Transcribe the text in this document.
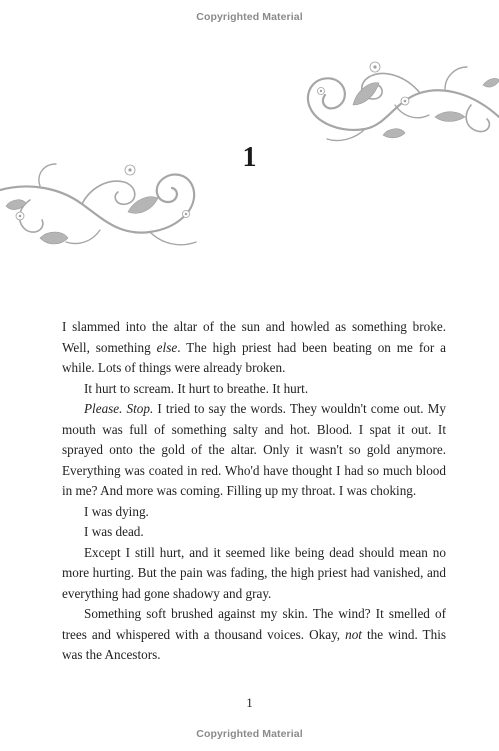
Copyrighted Material
1

I slammed into the altar of the sun and howled as something broke. Well, something else. The high priest had been beating on me for a while. Lots of things were already broken.

It hurt to scream. It hurt to breathe. It hurt.

Please. Stop. I tried to say the words. They wouldn't come out. My mouth was full of something salty and hot. Blood. I spat it out. It sprayed onto the gold of the altar. Only it wasn't so gold anymore. Everything was coated in red. Who'd have thought I had so much blood in me? And more was coming. Filling up my throat. I was choking.

I was dying.

I was dead.

Except I still hurt, and it seemed like being dead should mean no more hurting. But the pain was fading, the high priest had vanished, and everything had gone shadowy and gray.

Something soft brushed against my skin. The wind? It smelled of trees and whispered with a thousand voices. Okay, not the wind. This was the Ancestors.

1
Copyrighted Material
